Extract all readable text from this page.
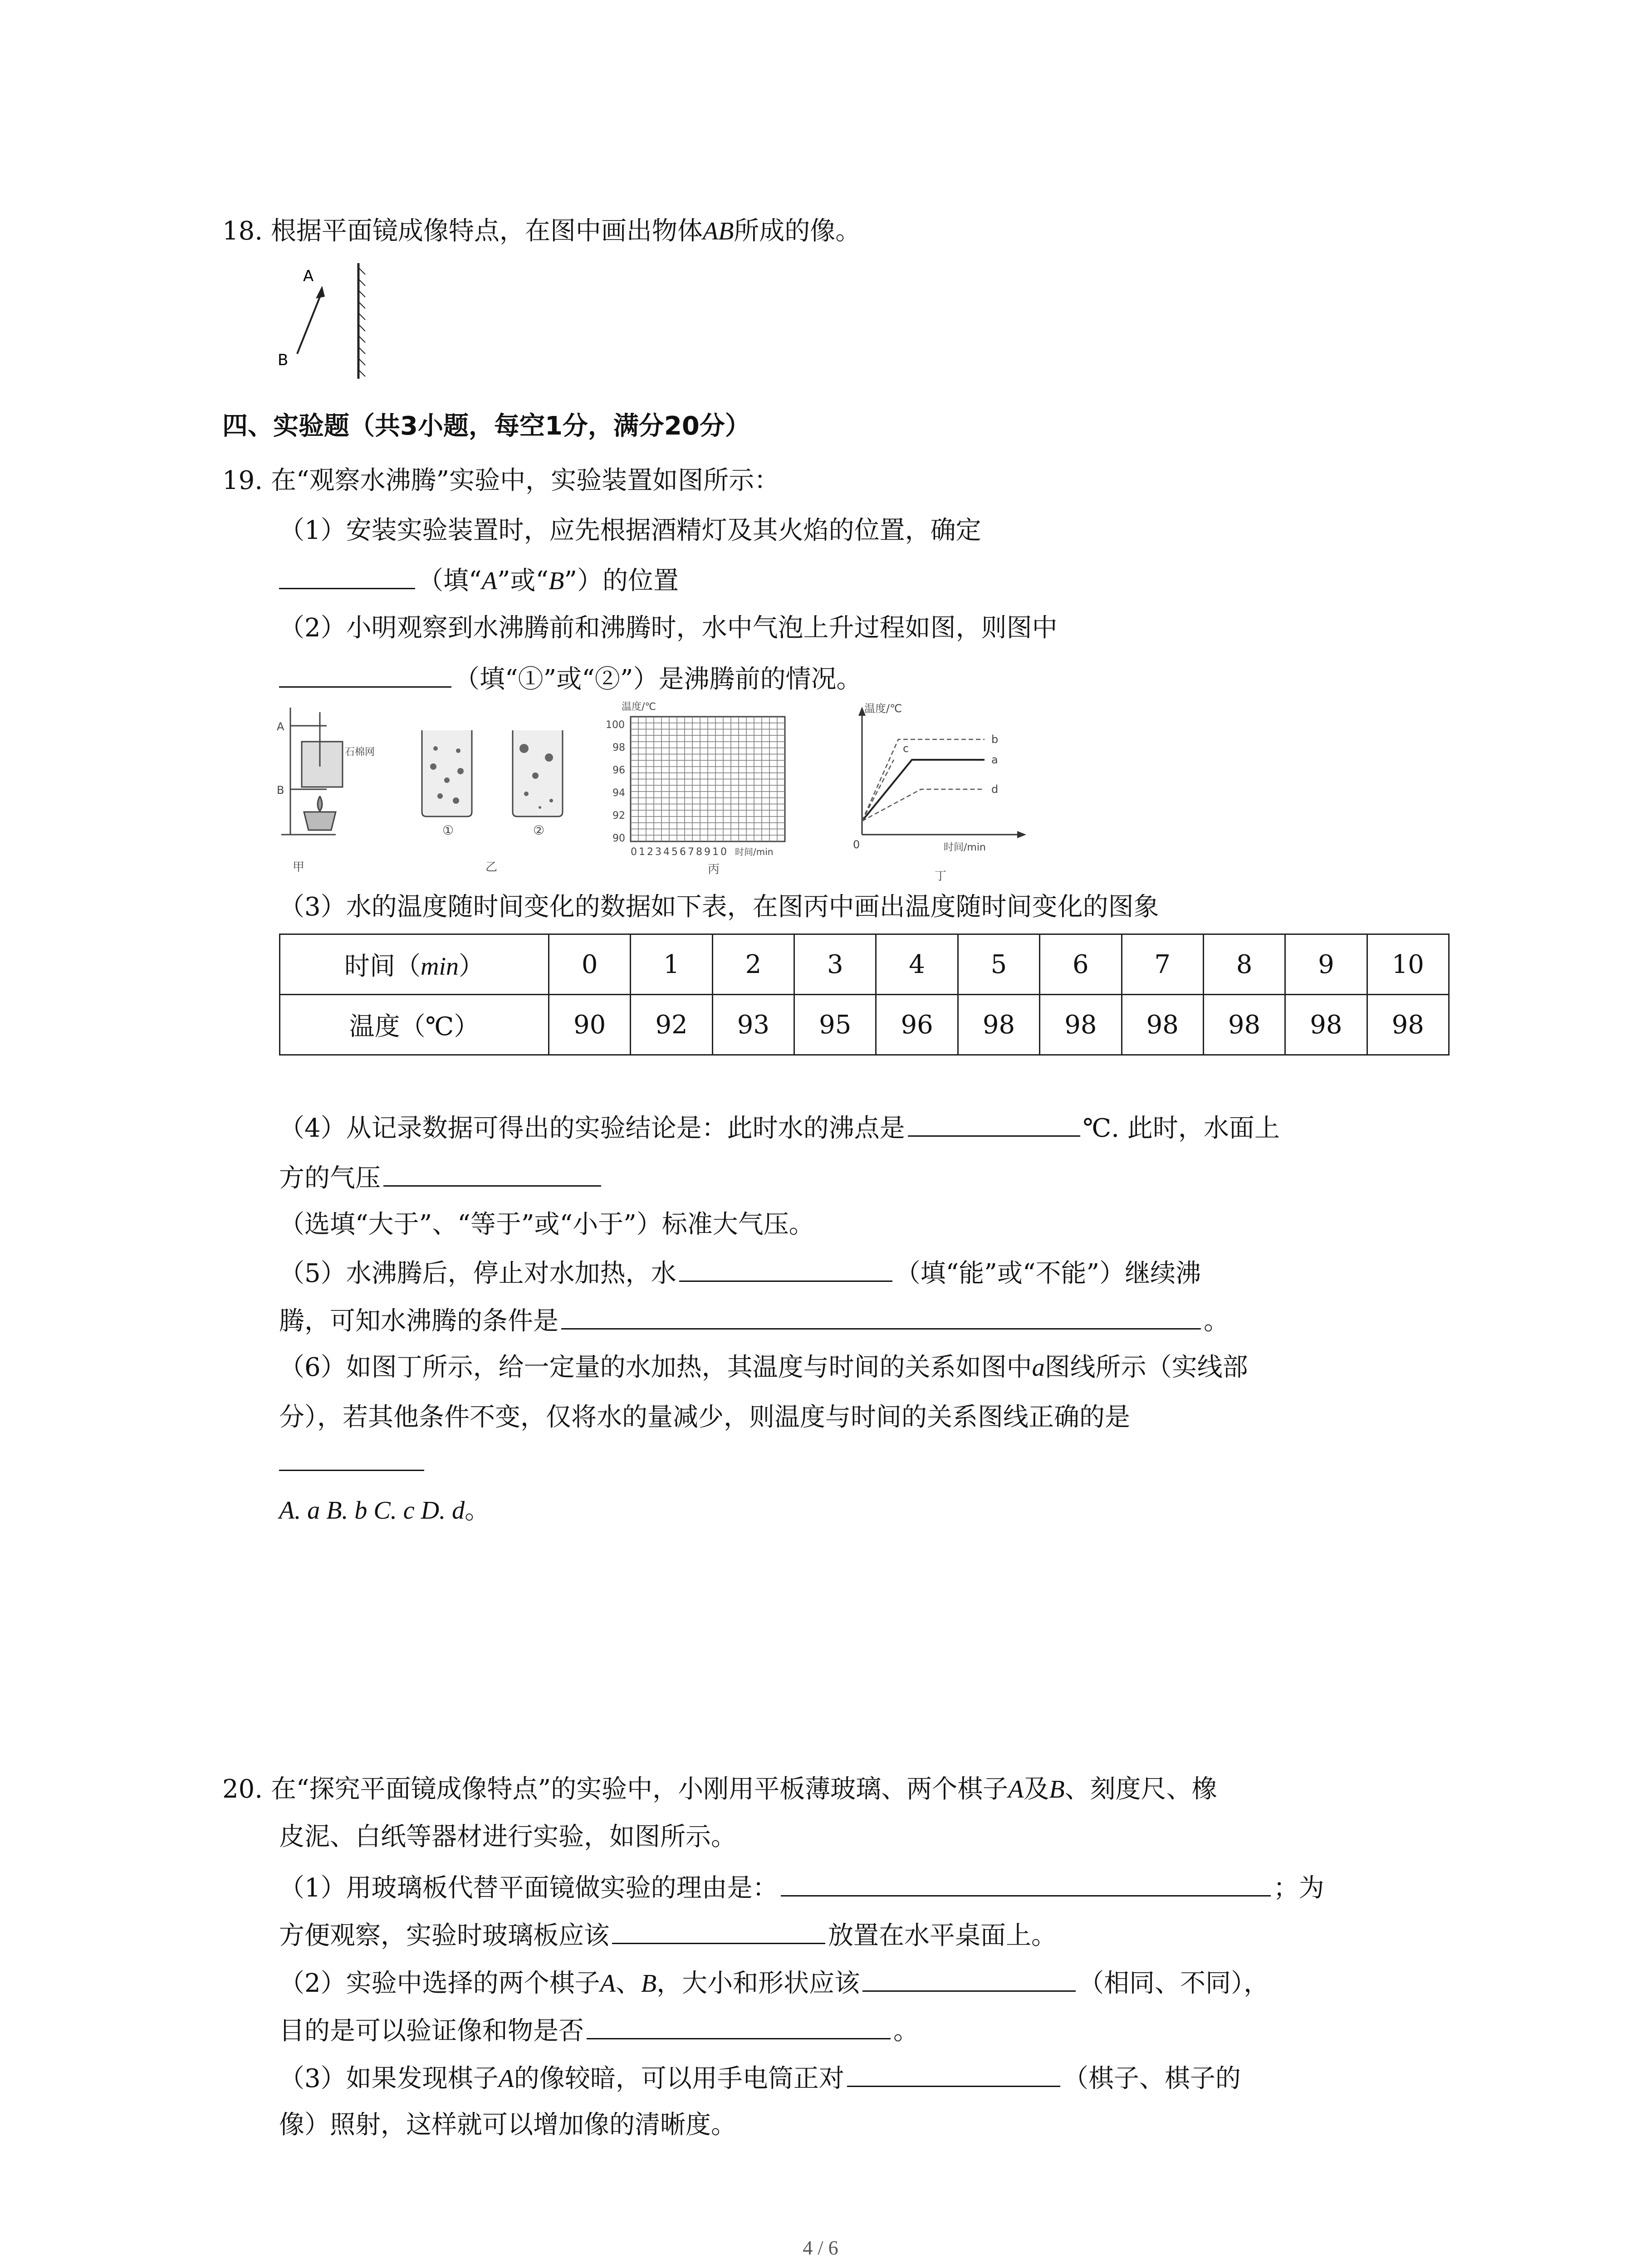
18. 根据平面镜成像特点，在图中画出物体AB所成的像。
A
B
四、实验题（共3小题，每空1分，满分20分）
19. 在“观察水沸腾”实验中，实验装置如图所示：
（1）安装实验装置时，应先根据酒精灯及其火焰的位置，确定
（填“A”或“B”）的位置
（2）小明观察到水沸腾前和沸腾时，水中气泡上升过程如图，则图中
（填“①”或“②”）是沸腾前的情况。
A
B
石棉网
甲
①	②
乙
温度/℃
100
98
96
94
92
90
012345678910 时间/min
丙
温度/℃
0	时间/min
b
a
c
d
丁
（3）水的温度随时间变化的数据如下表，在图丙中画出温度随时间变化的图象
时间（min）	0	1	2	3	4	5	6	7	8	9	10
温度（℃）	90	92	93	95	96	98	98	98	98	98	98
（4）从记录数据可得出的实验结论是：此时水的沸点是	℃. 此时，水面上
方的气压
（选填“大于”、“等于”或“小于”）标准大气压。
（5）水沸腾后，停止对水加热，水	（填“能”或“不能”）继续沸
腾，可知水沸腾的条件是	。
（6）如图丁所示，给一定量的水加热，其温度与时间的关系如图中a图线所示（实线部
分），若其他条件不变，仅将水的量减少，则温度与时间的关系图线正确的是
A. a B. b C. c D. d。
20. 在“探究平面镜成像特点”的实验中，小刚用平板薄玻璃、两个棋子A及B、刻度尺、橡
皮泥、白纸等器材进行实验，如图所示。
（1）用玻璃板代替平面镜做实验的理由是：	；为
方便观察，实验时玻璃板应该	放置在水平桌面上。
（2）实验中选择的两个棋子A、B，大小和形状应该	（相同、不同），
目的是可以验证像和物是否	。
（3）如果发现棋子A的像较暗，可以用手电筒正对	（棋子、棋子的
像）照射，这样就可以增加像的清晰度。
4 / 6
